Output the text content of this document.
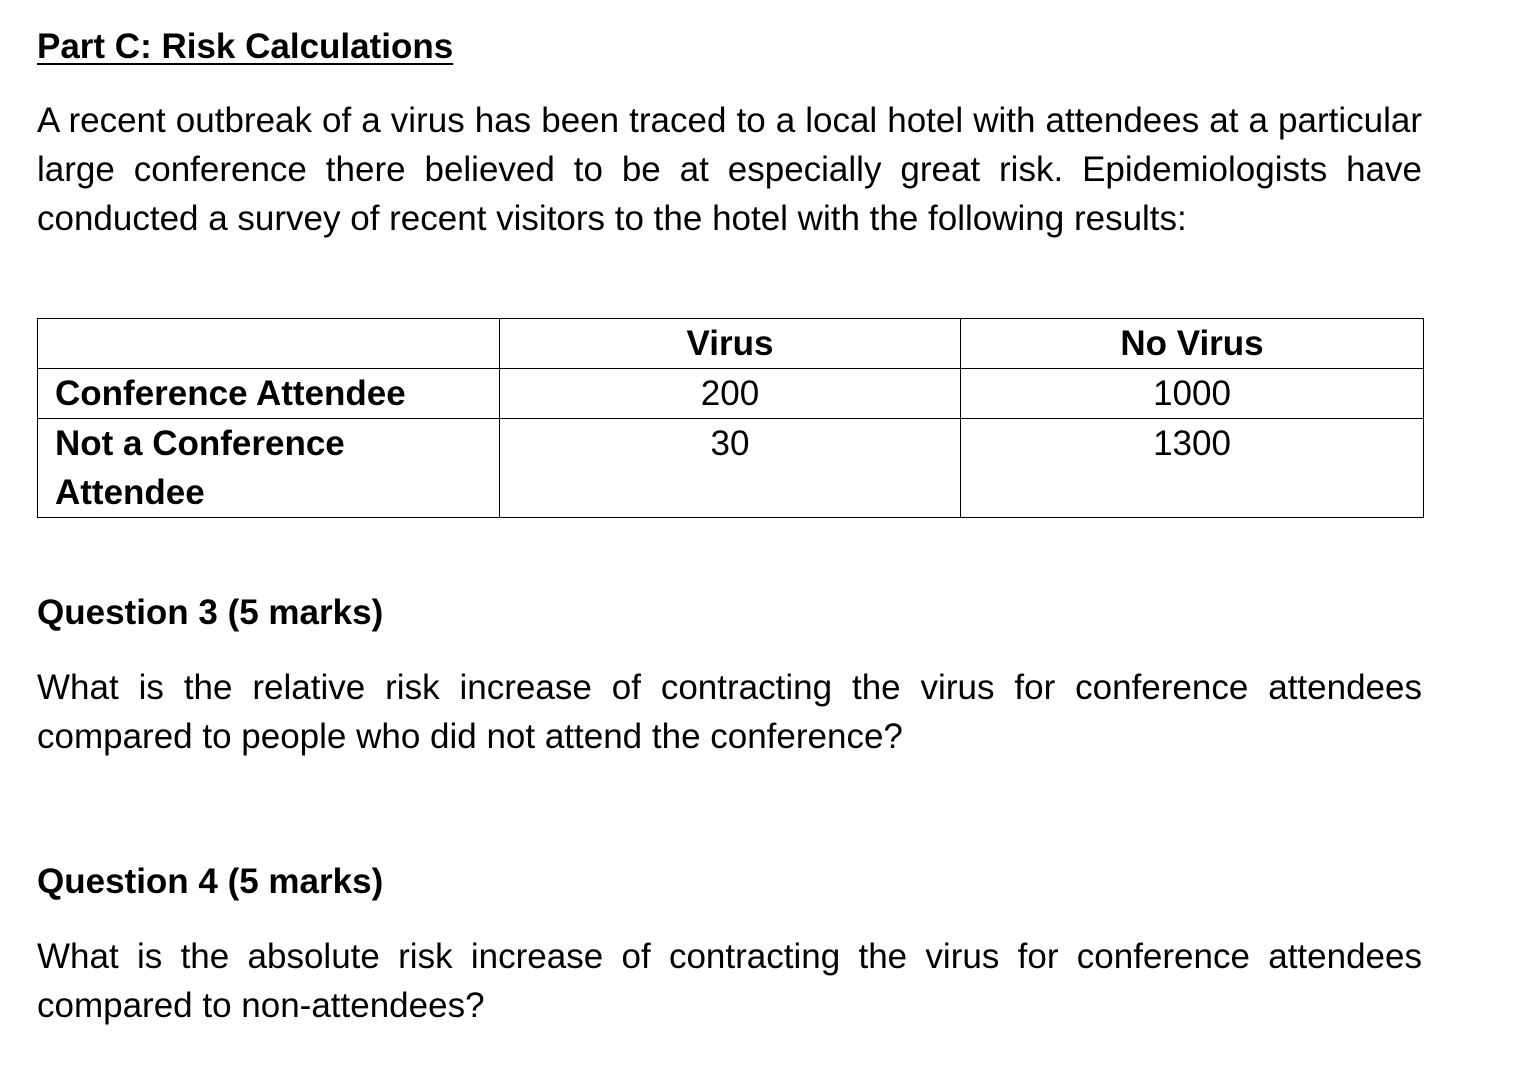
Part C: Risk Calculations

A recent outbreak of a virus has been traced to a local hotel with attendees at a particular large conference there believed to be at especially great risk. Epidemiologists have conducted a survey of recent visitors to the hotel with the following results:

	Virus	No Virus
Conference Attendee	200	1000
Not a Conference Attendee	30	1300
Question 3 (5 marks)

What is the relative risk increase of contracting the virus for conference attendees compared to people who did not attend the conference?

Question 4 (5 marks)

What is the absolute risk increase of contracting the virus for conference attendees compared to non-attendees?
